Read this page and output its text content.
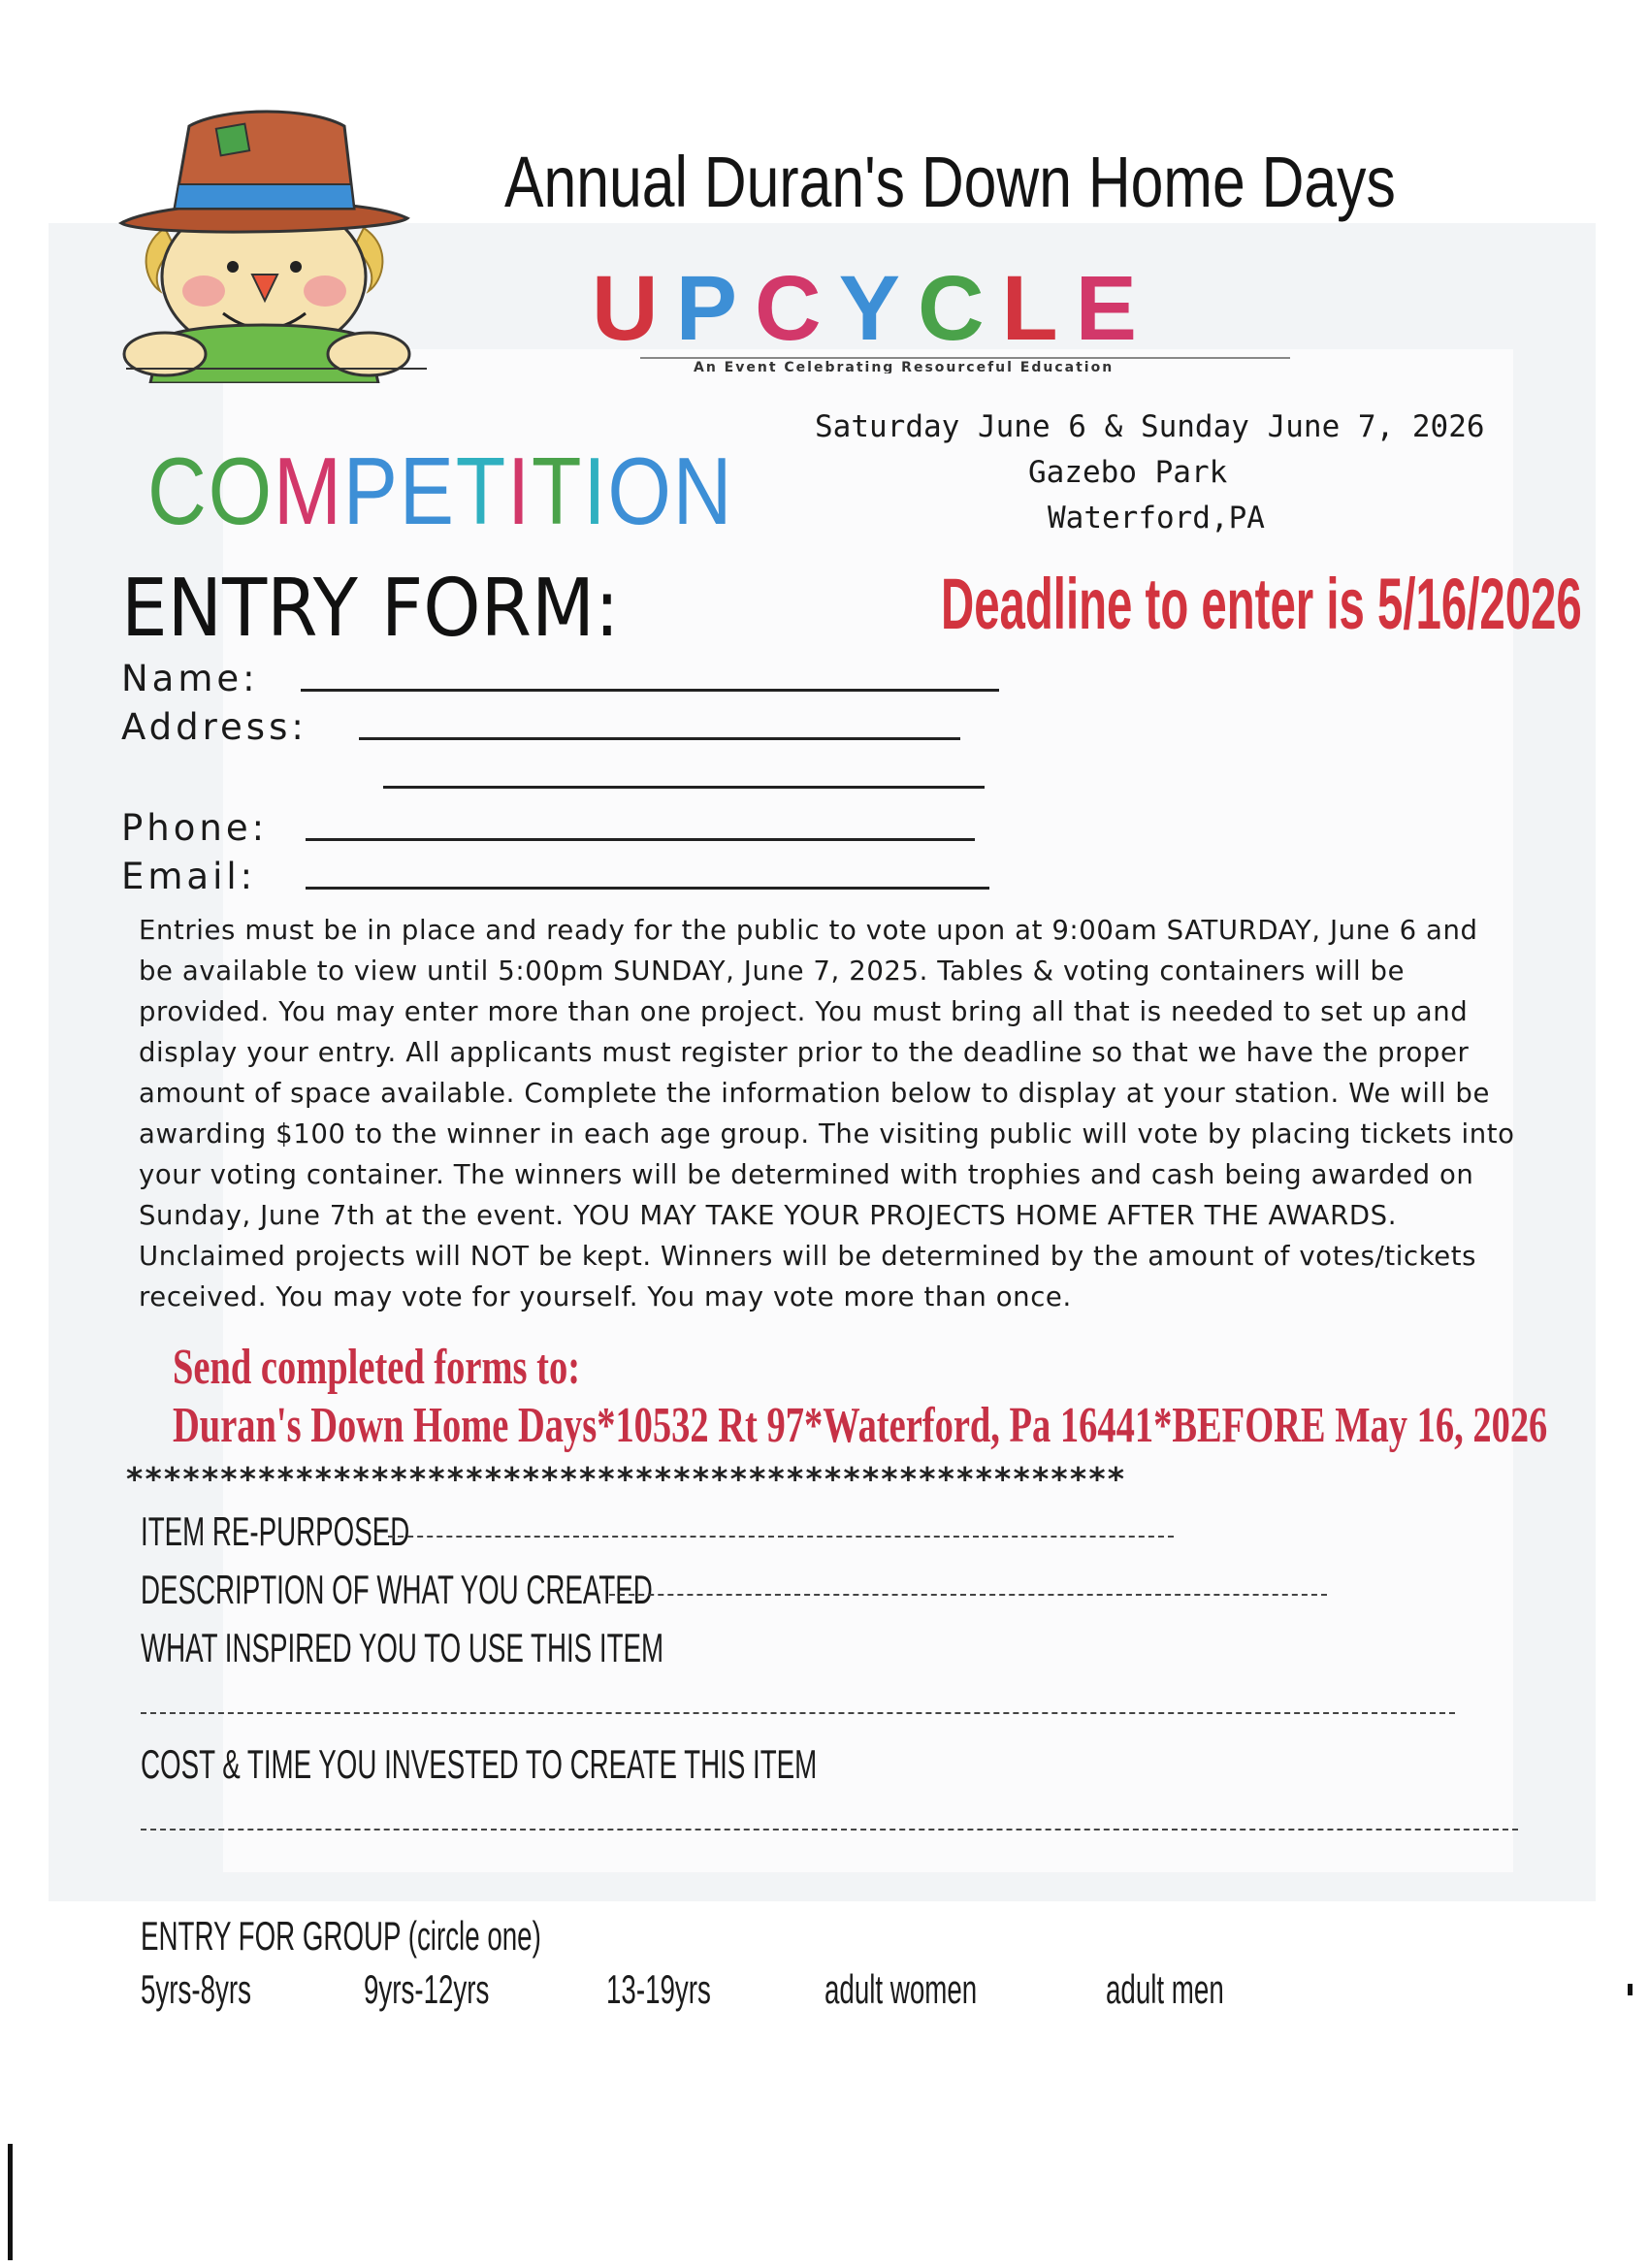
Annual Duran's Down Home Days
UPCYCLE
An Event Celebrating Resourceful Education
Saturday June 6 & Sunday June 7, 2026
Gazebo Park
Waterford,PA
COMPETITION
Deadline to enter is 5/16/2026
ENTRY FORM:
Name:
Address:
Phone:
Email:

Entries must be in place and ready for the public to vote upon at 9:00am SATURDAY, June 6 and

be available to view until 5:00pm SUNDAY, June 7, 2025. Tables & voting containers will be

provided. You may enter more than one project. You must bring all that is needed to set up and

display your entry. All applicants must register prior to the deadline so that we have the proper

amount of space available. Complete the information below to display at your station. We will be

awarding $100 to the winner in each age group. The visiting public will vote by placing tickets into

your voting container. The winners will be determined with trophies and cash being awarded on

Sunday, June 7th at the event. YOU MAY TAKE YOUR PROJECTS HOME AFTER THE AWARDS.

Unclaimed projects will NOT be kept. Winners will be determined by the amount of votes/tickets

received. You may vote for yourself. You may vote more than once.

Send completed forms to:
Duran's Down Home Days*10532 Rt 97*Waterford, Pa 16441*BEFORE May 16, 2026
*****************************************************
ITEM RE-PURPOSED
DESCRIPTION OF WHAT YOU CREATED
WHAT INSPIRED YOU TO USE THIS ITEM
COST & TIME YOU INVESTED TO CREATE THIS ITEM
ENTRY FOR GROUP (circle one)
5yrs-8yrs	9yrs-12yrs	13-19yrs	adult women	adult men
